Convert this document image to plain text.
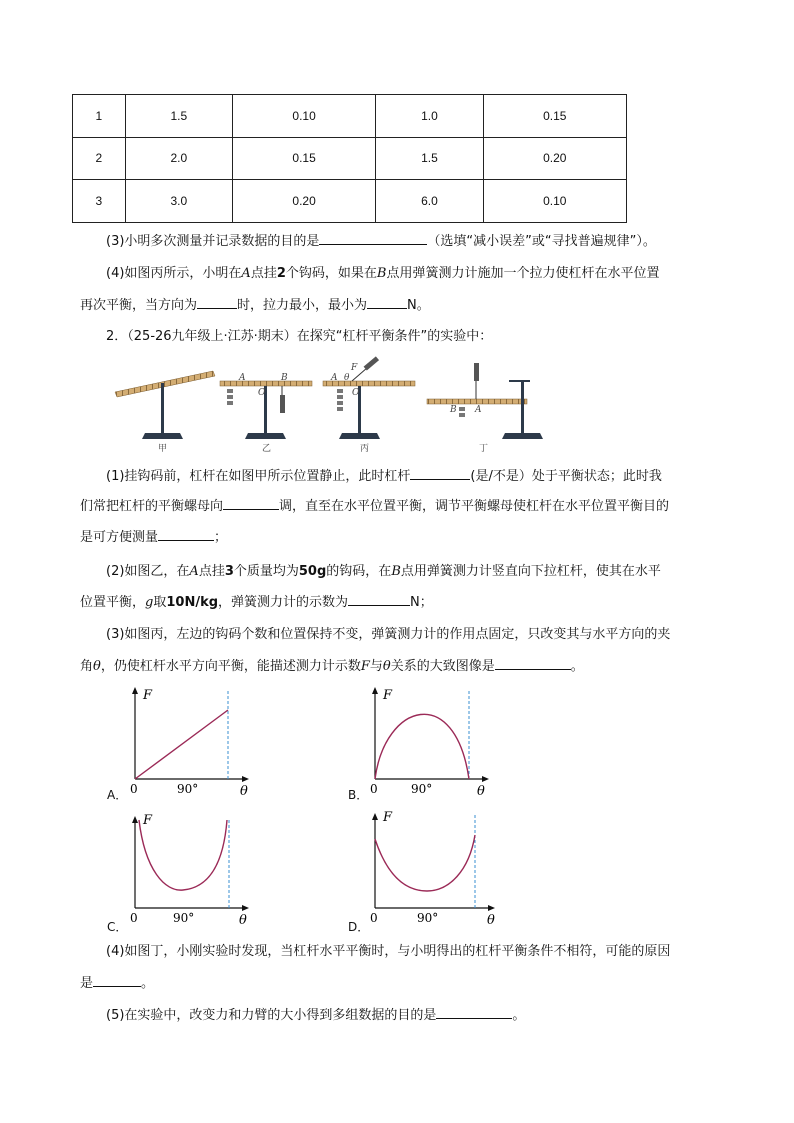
1	1.5	0.10	1.0	0.15
2	2.0	0.15	1.5	0.20
3	3.0	0.20	6.0	0.10
(3)小明多次测量并记录数据的目的是	（选填“减小误差”或“寻找普遍规律”）。
(4)如图丙所示，小明在A点挂2个钩码，如果在B点用弹簧测力计施加一个拉力使杠杆在水平位置
再次平衡，当方向为	时，拉力最小，最小为	N。
2．（25-26九年级上·江苏·期末）在探究“杠杆平衡条件”的实验中：
甲	乙	丙	丁
A	B
O
A
F
θ
O
B A
(1)挂钩码前，杠杆在如图甲所示位置静止，此时杠杆	(是/不是）处于平衡状态；此时我
们常把杠杆的平衡螺母向	调，直至在水平位置平衡，调节平衡螺母使杠杆在水平位置平衡目的
是可方便测量	；
(2)如图乙，在A点挂3个质量均为50g的钩码，在B点用弹簧测力计竖直向下拉杠杆，使其在水平
位置平衡，g取10N/kg，弹簧测力计的示数为	N；
(3)如图丙，左边的钩码个数和位置保持不变，弹簧测力计的作用点固定，只改变其与水平方向的夹
角θ，仍使杠杆水平方向平衡，能描述测力计示数F与θ关系的大致图像是	。
F
0	90°	θ
A．
F
0	90°	θ
B．
F
0	90°	θ
C．
F
0	90°	θ
D．
(4)如图丁，小刚实验时发现，当杠杆水平平衡时，与小明得出的杠杆平衡条件不相符，可能的原因
是	。
(5)在实验中，改变力和力臂的大小得到多组数据的目的是	。
